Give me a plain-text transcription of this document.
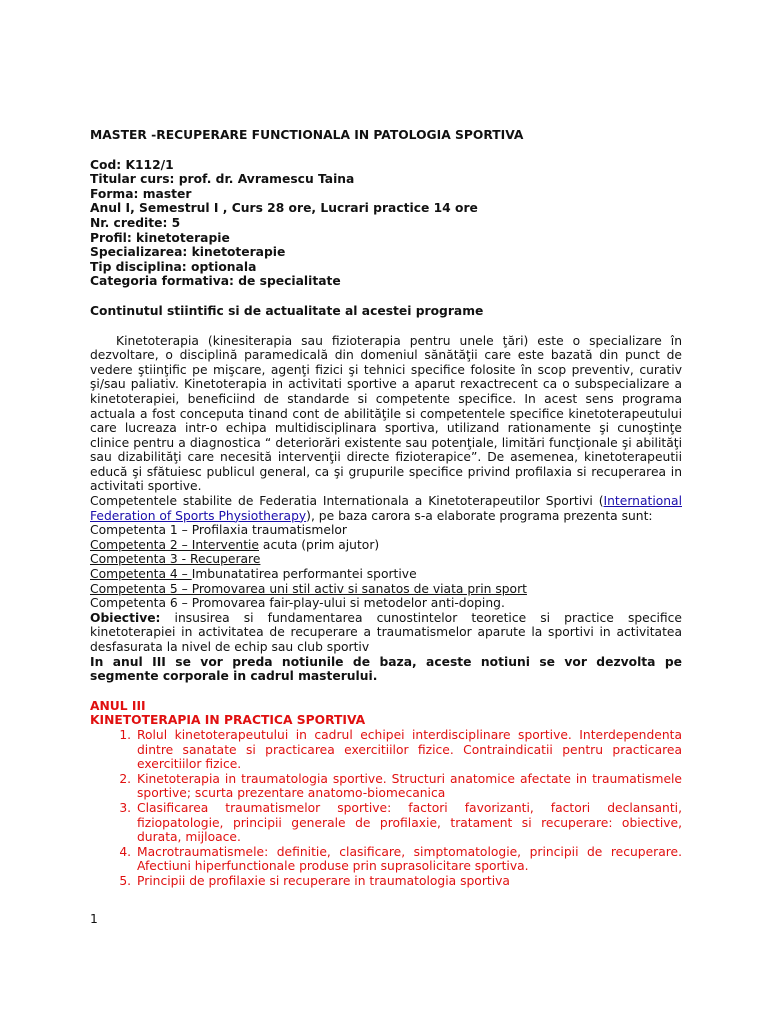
MASTER -RECUPERARE FUNCTIONALA IN PATOLOGIA SPORTIVA
Cod: K112/1
Titular curs: prof. dr. Avramescu Taina
Forma: master
Anul I, Semestrul I , Curs 28 ore, Lucrari practice 14 ore
Nr. credite: 5
Profil: kinetoterapie
Specializarea: kinetoterapie
Tip disciplina: optionala
Categoria formativa: de specialitate
Continutul stiintific si de actualitate al acestei programe

Kinetoterapia (kinesiterapia sau fizioterapia pentru unele ţări) este o specializare în dezvoltare, o disciplină paramedicală din domeniul sănătăţii care este bazată din punct de vedere ştiinţific pe mişcare, agenţi fizici şi tehnici specifice folosite în scop preventiv, curativ şi/sau paliativ. Kinetoterapia in activitati sportive a aparut rexactrecent ca o subspecializare a kinetoterapiei, beneficiind de standarde si competente specifice. In acest sens programa actuala a fost conceputa tinand cont de abilităţile si competentele specifice kinetoterapeutului care lucreaza intr-o echipa multidisciplinara sportiva, utilizand rationamente şi cunoştinţe clinice pentru a diagnostica “ deteriorări existente sau potenţiale, limitări funcţionale şi abilităţi sau dizabilităţi care necesită intervenţii directe fizioterapice”. De asemenea, kinetoterapeutii educă şi sfătuiesc publicul general, ca şi grupurile specifice privind profilaxia si recuperarea in activitati sportive.

Competentele stabilite de Federatia Internationala a Kinetoterapeutilor Sportivi (International Federation of Sports Physiotherapy), pe baza carora s-a elaborate programa prezenta sunt:

Competenta 1 – Profilaxia traumatismelor
Competenta 2 – Interventie acuta (prim ajutor)
Competenta 3 - Recuperare
Competenta 4 – Imbunatatirea performantei sportive
Competenta 5 – Promovarea uni stil activ si sanatos de viata prin sport
Competenta 6 – Promovarea fair-play-ului si metodelor anti-doping.

Obiective: insusirea si fundamentarea cunostintelor teoretice si practice specifice kinetoterapiei in activitatea de recuperare a traumatismelor aparute la sportivi in activitatea desfasurata la nivel de echip sau club sportiv

In anul III se vor preda notiunile de baza, aceste notiuni se vor dezvolta pe segmente corporale in cadrul masterului.

ANUL III
KINETOTERAPIA IN PRACTICA SPORTIVA
1. Rolul kinetoterapeutului in cadrul echipei interdisciplinare sportive. Interdependenta dintre sanatate si practicarea exercitiilor fizice. Contraindicatii pentru practicarea exercitiilor fizice.
2. Kinetoterapia in traumatologia sportive. Structuri anatomice afectate in traumatismele sportive; scurta prezentare anatomo-biomecanica
3. Clasificarea traumatismelor sportive: factori favorizanti, factori declansanti, fiziopatologie, principii generale de profilaxie, tratament si recuperare: obiective, durata, mijloace.
4. Macrotraumatismele: definitie, clasificare, simptomatologie, principii de recuperare. Afectiuni hiperfunctionale produse prin suprasolicitare sportiva.
5. Principii de profilaxie si recuperare in traumatologia sportiva
1
